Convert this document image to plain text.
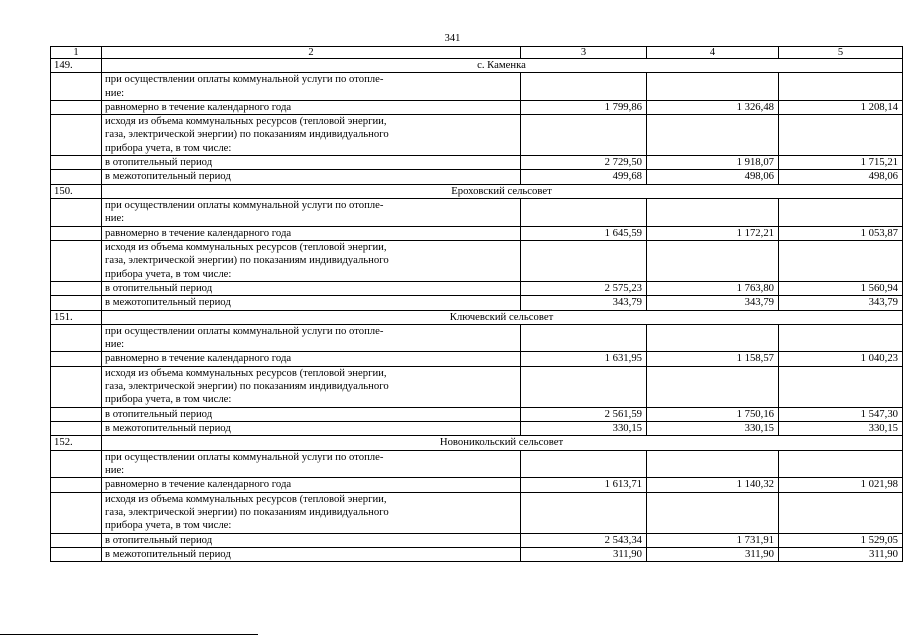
341
1	2	3	4	5
149.	с. Каменка			
	при осуществлении оплаты коммунальной услуги по отопле-
ние:			
	равномерно в течение календарного года	1 799,86	1 326,48	1 208,14
	исходя из объема коммунальных ресурсов (тепловой энергии,
газа, электрической энергии) по показаниям индивидуального
прибора учета, в том числе:			
	в отопительный период	2 729,50	1 918,07	1 715,21
	в межотопительный период	499,68	498,06	498,06
150.	Ероховский сельсовет			
	при осуществлении оплаты коммунальной услуги по отопле-
ние:			
	равномерно в течение календарного года	1 645,59	1 172,21	1 053,87
	исходя из объема коммунальных ресурсов (тепловой энергии,
газа, электрической энергии) по показаниям индивидуального
прибора учета, в том числе:			
	в отопительный период	2 575,23	1 763,80	1 560,94
	в межотопительный период	343,79	343,79	343,79
151.	Ключевский сельсовет			
	при осуществлении оплаты коммунальной услуги по отопле-
ние:			
	равномерно в течение календарного года	1 631,95	1 158,57	1 040,23
	исходя из объема коммунальных ресурсов (тепловой энергии,
газа, электрической энергии) по показаниям индивидуального
прибора учета, в том числе:			
	в отопительный период	2 561,59	1 750,16	1 547,30
	в межотопительный период	330,15	330,15	330,15
152.	Новоникольский сельсовет			
	при осуществлении оплаты коммунальной услуги по отопле-
ние:			
	равномерно в течение календарного года	1 613,71	1 140,32	1 021,98
	исходя из объема коммунальных ресурсов (тепловой энергии,
газа, электрической энергии) по показаниям индивидуального
прибора учета, в том числе:			
	в отопительный период	2 543,34	1 731,91	1 529,05
	в межотопительный период	311,90	311,90	311,90
